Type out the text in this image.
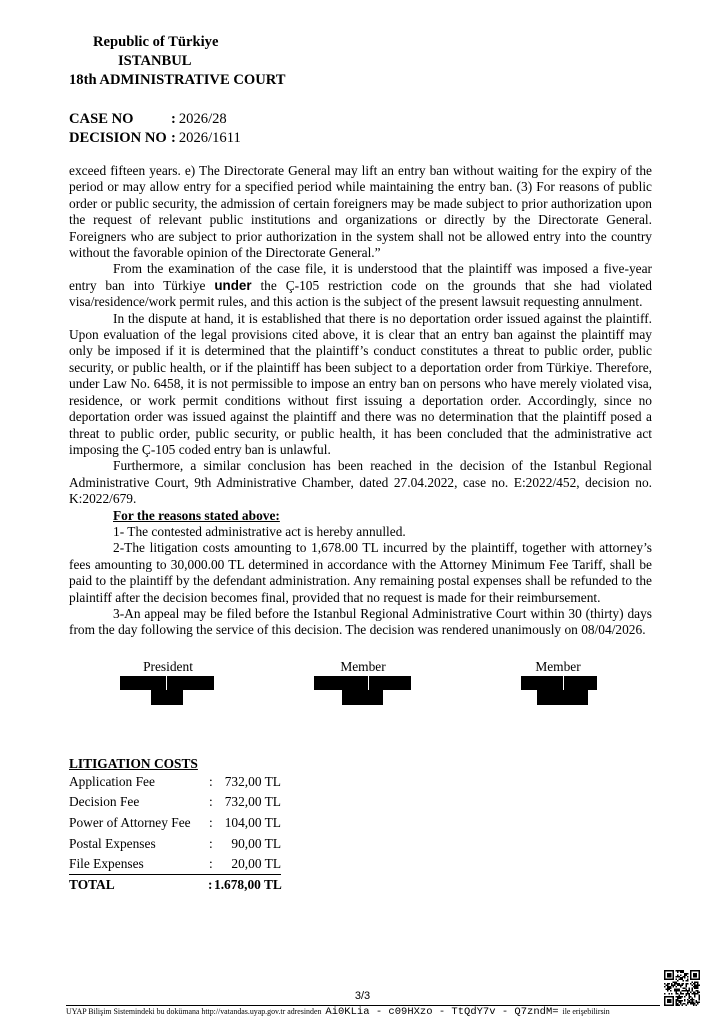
Republic of Türkiye
ISTANBUL
18th ADMINISTRATIVE COURT
CASE NO	: 2026/28
DECISION NO : 2026/1611

exceed fifteen years. e) The Directorate General may lift an entry ban without waiting for the expiry of the period or may allow entry for a specified period while maintaining the entry ban. (3) For reasons of public order or public security, the admission of certain foreigners may be made subject to prior authorization upon the request of relevant public institutions and organizations or directly by the Directorate General. Foreigners who are subject to prior authorization in the system shall not be allowed entry into the country without the favorable opinion of the Directorate General.”

From the examination of the case file, it is understood that the plaintiff was imposed a five-year entry ban into Türkiye under the Ç-105 restriction code on the grounds that she had violated visa/residence/work permit rules, and this action is the subject of the present lawsuit requesting annulment.

In the dispute at hand, it is established that there is no deportation order issued against the plaintiff. Upon evaluation of the legal provisions cited above, it is clear that an entry ban against the plaintiff may only be imposed if it is determined that the plaintiff’s conduct constitutes a threat to public order, public security, or public health, or if the plaintiff has been subject to a deportation order from Türkiye. Therefore, under Law No. 6458, it is not permissible to impose an entry ban on persons who have merely violated visa, residence, or work permit conditions without first issuing a deportation order. Accordingly, since no deportation order was issued against the plaintiff and there was no determination that the plaintiff posed a threat to public order, public security, or public health, it has been concluded that the administrative act imposing the Ç-105 coded entry ban is unlawful.

Furthermore, a similar conclusion has been reached in the decision of the Istanbul Regional Administrative Court, 9th Administrative Chamber, dated 27.04.2022, case no. E:2022/452, decision no. K:2022/679.

For the reasons stated above:

1- The contested administrative act is hereby annulled.

2-The litigation costs amounting to 1,678.00 TL incurred by the plaintiff, together with attorney’s fees amounting to 30,000.00 TL determined in accordance with the Attorney Minimum Fee Tariff, shall be paid to the plaintiff by the defendant administration. Any remaining postal expenses shall be refunded to the plaintiff after the decision becomes final, provided that no request is made for their reimbursement.

3-An appeal may be filed before the Istanbul Regional Administrative Court within 30 (thirty) days from the day following the service of this decision. The decision was rendered unanimously on 08/04/2026.

President	Member	Member
LITIGATION COSTS
Application Fee	: 732,00 TL
Decision Fee	: 732,00 TL
Power of Attorney Fee	: 104,00 TL
Postal Expenses	:	90,00 TL
File Expenses	:	20,00 TL
TOTAL	: 1.678,00 TL
3/3
UYAP Bilişim Sistemindeki bu dokümana http://vatandas.uyap.gov.tr adresinden Ai0KLia - c09HXzo - TtQdY7v - Q7zndM= ile erişebilirsin
